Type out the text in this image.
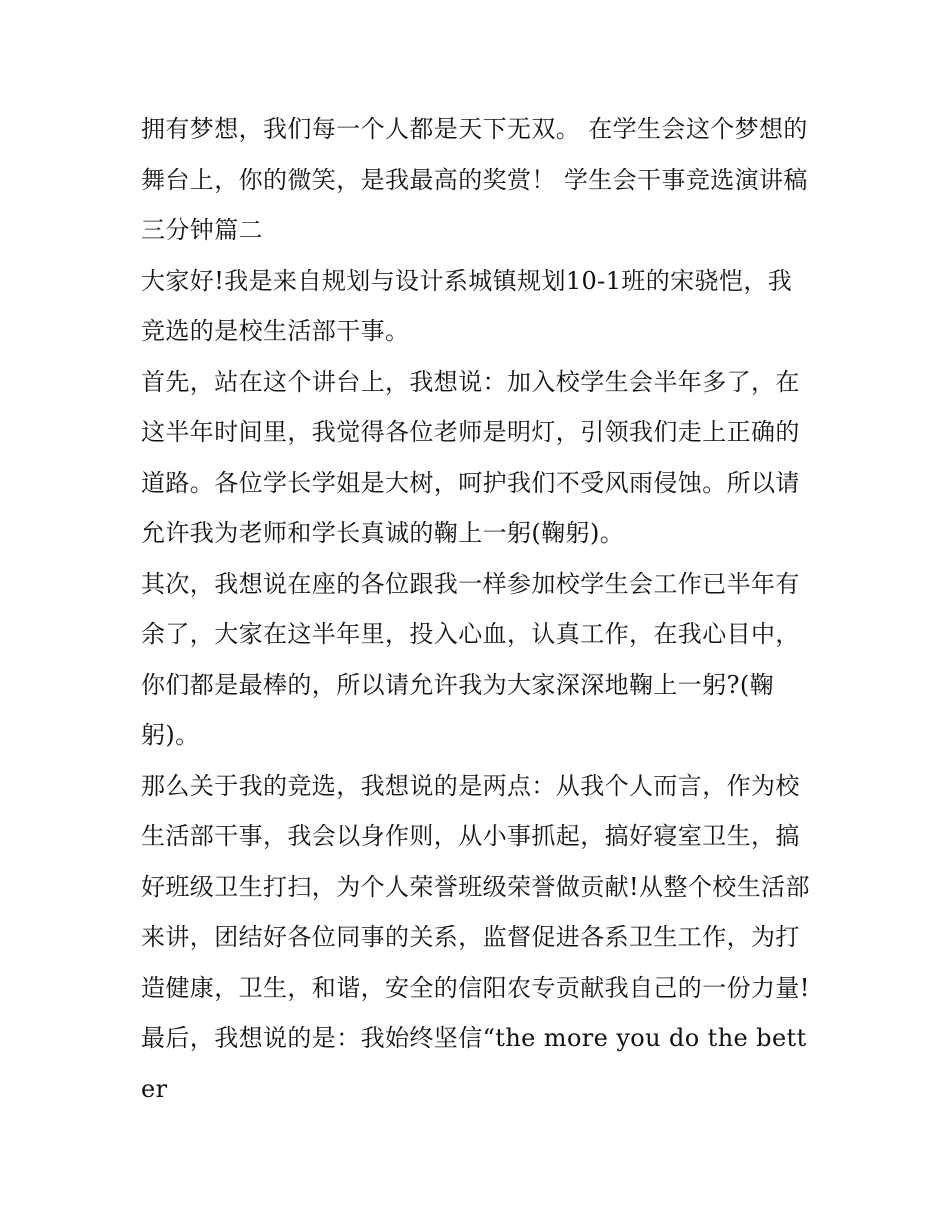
拥有梦想，我们每一个人都是天下无双。 在学生会这个梦想的舞台上，你的微笑，是我最高的奖赏！ 学生会干事竞选演讲稿三分钟篇二

大家好!我是来自规划与设计系城镇规划10-1班的宋骁恺，我竞选的是校生活部干事。

首先，站在这个讲台上，我想说：加入校学生会半年多了，在这半年时间里，我觉得各位老师是明灯，引领我们走上正确的道路。各位学长学姐是大树，呵护我们不受风雨侵蚀。所以请允许我为老师和学长真诚的鞠上一躬(鞠躬)。

其次，我想说在座的各位跟我一样参加校学生会工作已半年有余了，大家在这半年里，投入心血，认真工作，在我心目中，你们都是最棒的，所以请允许我为大家深深地鞠上一躬?(鞠躬)。

那么关于我的竞选，我想说的是两点：从我个人而言，作为校生活部干事，我会以身作则，从小事抓起，搞好寝室卫生，搞好班级卫生打扫，为个人荣誉班级荣誉做贡献!从整个校生活部来讲，团结好各位同事的关系，监督促进各系卫生工作，为打造健康，卫生，和谐，安全的信阳农专贡献我自己的一份力量!

最后，我想说的是：我始终坚信“the more you do the better
